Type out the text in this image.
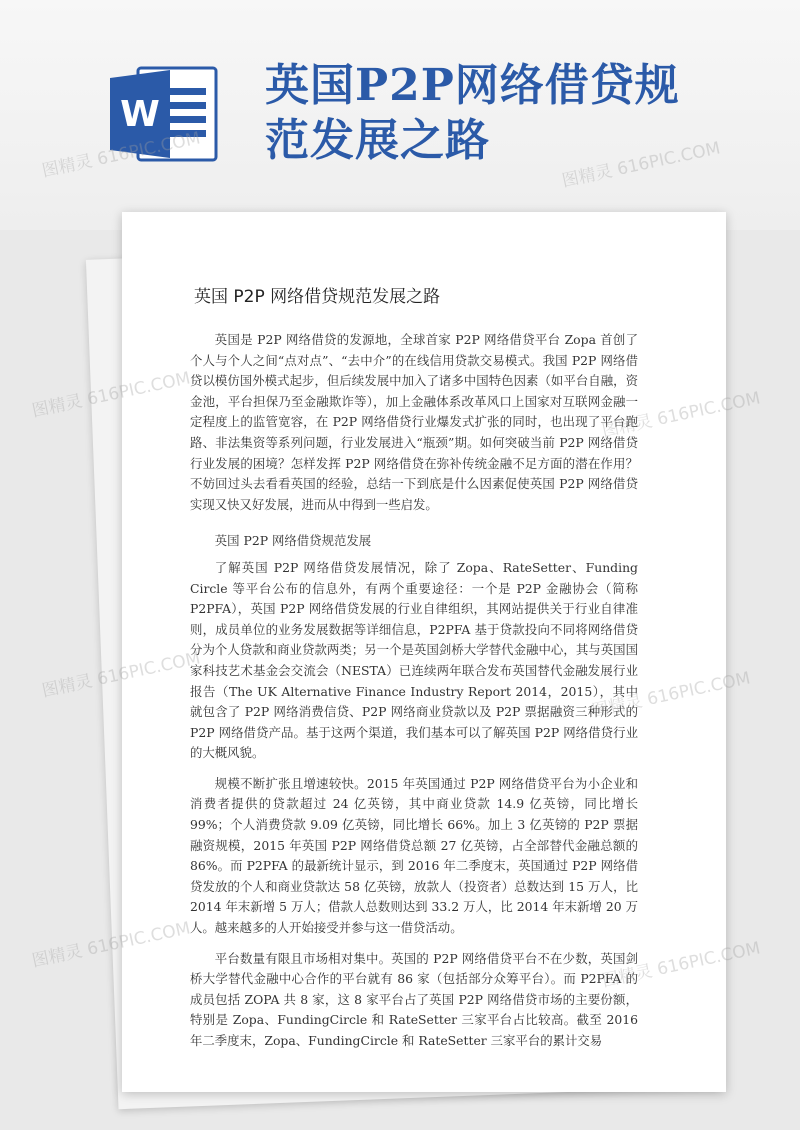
W
英国P2P网络借贷规
范发展之路
英国 P2P 网络借贷规范发展之路

英国是 P2P 网络借贷的发源地，全球首家 P2P 网络借贷平台 Zopa 首创了个人与个人之间“点对点”、“去中介”的在线信用贷款交易模式。我国 P2P 网络借贷以模仿国外模式起步，但后续发展中加入了诸多中国特色因素（如平台自融，资金池，平台担保乃至金融欺诈等），加上金融体系改革风口上国家对互联网金融一定程度上的监管宽容，在 P2P 网络借贷行业爆发式扩张的同时，也出现了平台跑路、非法集资等系列问题，行业发展进入“瓶颈”期。如何突破当前 P2P 网络借贷行业发展的困境？怎样发挥 P2P 网络借贷在弥补传统金融不足方面的潜在作用？不妨回过头去看看英国的经验，总结一下到底是什么因素促使英国 P2P 网络借贷实现又快又好发展，进而从中得到一些启发。

英国 P2P 网络借贷规范发展

了解英国 P2P 网络借贷发展情况，除了 Zopa、RateSetter、Funding Circle 等平台公布的信息外，有两个重要途径：一个是 P2P 金融协会（简称 P2PFA），英国 P2P 网络借贷发展的行业自律组织，其网站提供关于行业自律准则，成员单位的业务发展数据等详细信息，P2PFA 基于贷款投向不同将网络借贷分为个人贷款和商业贷款两类；另一个是英国剑桥大学替代金融中心，其与英国国家科技艺术基金会交流会（NESTA）已连续两年联合发布英国替代金融发展行业报告（The UK Alternative Finance Industry Report 2014，2015），其中就包含了 P2P 网络消费信贷、P2P 网络商业贷款以及 P2P 票据融资三种形式的 P2P 网络借贷产品。基于这两个渠道，我们基本可以了解英国 P2P 网络借贷行业的大概风貌。

规模不断扩张且增速较快。2015 年英国通过 P2P 网络借贷平台为小企业和消费者提供的贷款超过 24 亿英镑，其中商业贷款 14.9 亿英镑，同比增长 99%；个人消费贷款 9.09 亿英镑，同比增长 66%。加上 3 亿英镑的 P2P 票据融资规模，2015 年英国 P2P 网络借贷总额 27 亿英镑，占全部替代金融总额的 86%。而 P2PFA 的最新统计显示，到 2016 年二季度末，英国通过 P2P 网络借贷发放的个人和商业贷款达 58 亿英镑，放款人（投资者）总数达到 15 万人，比 2014 年末新增 5 万人；借款人总数则达到 33.2 万人，比 2014 年末新增 20 万人。越来越多的人开始接受并参与这一借贷活动。

平台数量有限且市场相对集中。英国的 P2P 网络借贷平台不在少数，英国剑桥大学替代金融中心合作的平台就有 86 家（包括部分众筹平台）。而 P2PFA 的成员包括 ZOPA 共 8 家，这 8 家平台占了英国 P2P 网络借贷市场的主要份额，特别是 Zopa、FundingCircle 和 RateSetter 三家平台占比较高。截至 2016 年二季度末，Zopa、FundingCircle 和 RateSetter 三家平台的累计交易

图精灵 616PIC.COM	图精灵 616PIC.COM
图精灵 616PIC.COM	图精灵 616PIC.COM
图精灵 616PIC.COM	图精灵 616PIC.COM
图精灵 616PIC.COM	图精灵 616PIC.COM
